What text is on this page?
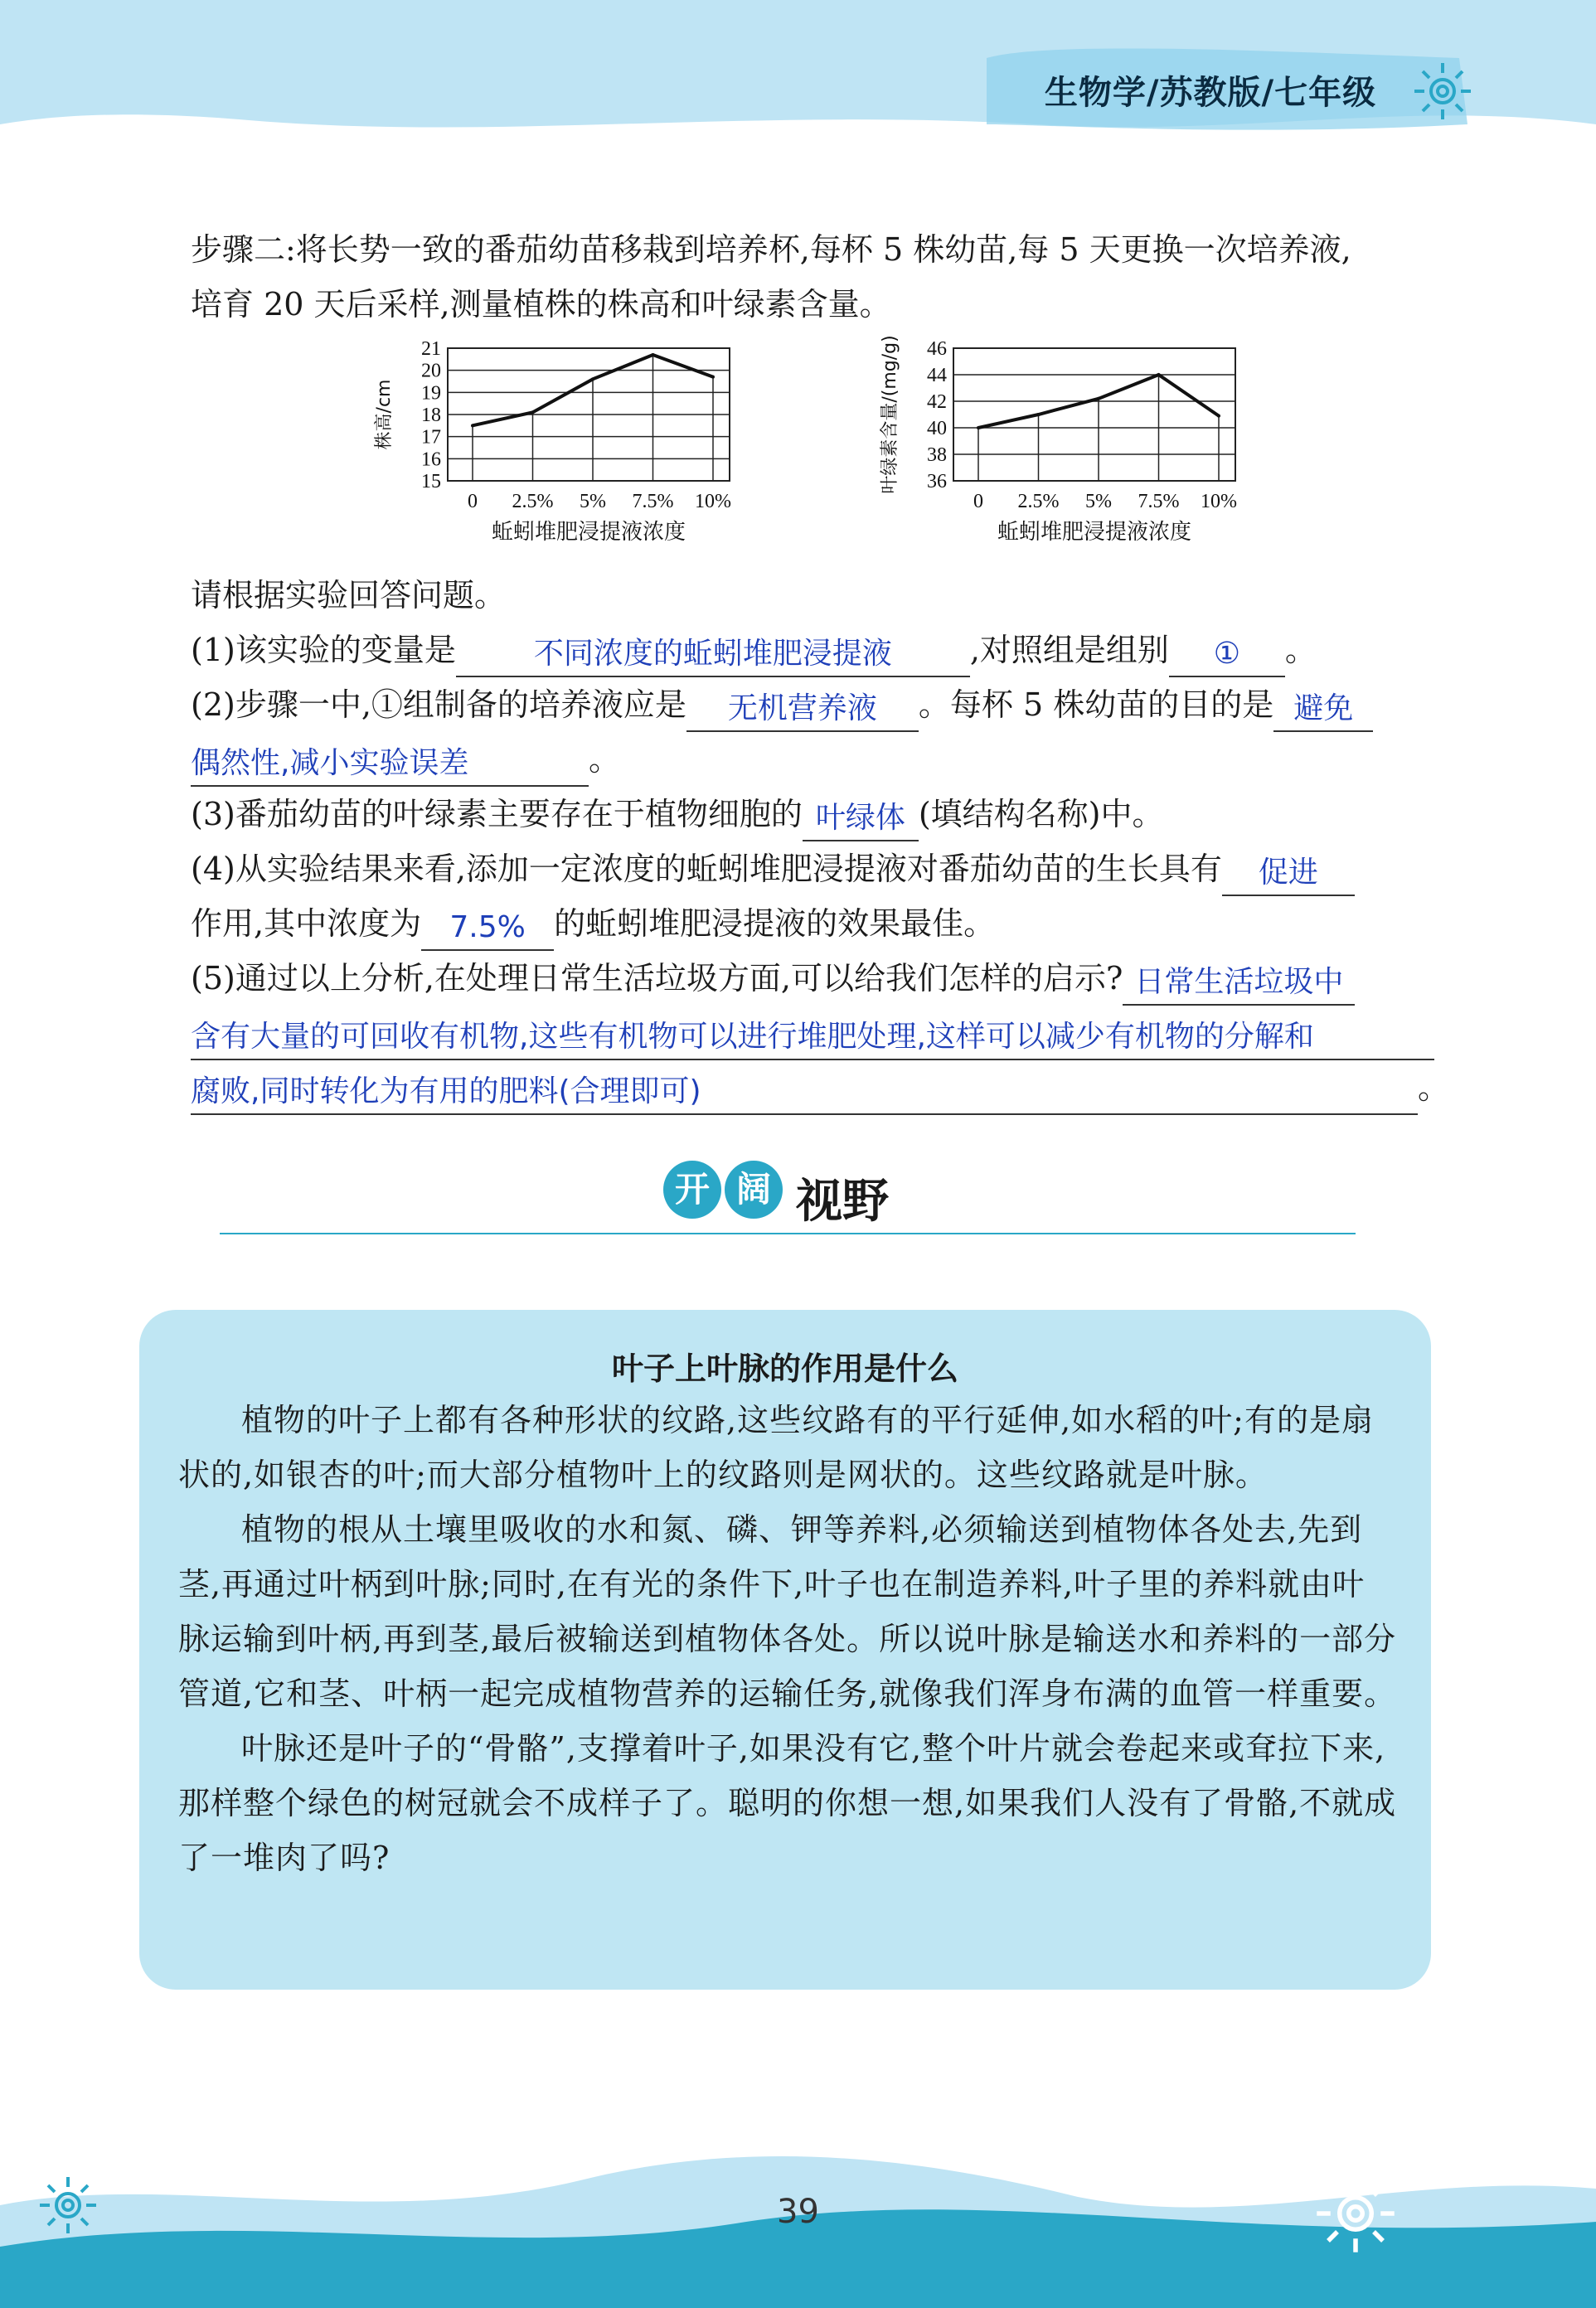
生物学/苏教版/七年级
步骤二:将长势一致的番茄幼苗移栽到培养杯,每杯 5 株幼苗,每 5 天更换一次培养液,
培育 20 天后采样,测量植株的株高和叶绿素含量。
15
16
17
18
19
20
21
0 2.5% 5% 7.5% 10%
蚯蚓堆肥浸提液浓度
株高/cm
36
38
40
42
44
46
0 2.5% 5% 7.5% 10%
蚯蚓堆肥浸提液浓度
叶绿素含量/(mg/g)
请根据实验回答问题。
(1)该实验的变量是	不同浓度的蚯蚓堆肥浸提液 ,对照组是组别 ① 。
(2)步骤一中,①组制备的培养液应是 无机营养液 。每杯 5 株幼苗的目的是 避免
偶然性,减小实验误差	。
(3)番茄幼苗的叶绿素主要存在于植物细胞的 叶绿体 (填结构名称)中。
(4)从实验结果来看,添加一定浓度的蚯蚓堆肥浸提液对番茄幼苗的生长具有 促进
作用,其中浓度为 7.5% 的蚯蚓堆肥浸提液的效果最佳。
(5)通过以上分析,在处理日常生活垃圾方面,可以给我们怎样的启示? 日常生活垃圾中
含有大量的可回收有机物,这些有机物可以进行堆肥处理,这样可以减少有机物的分解和
腐败,同时转化为有用的肥料(合理即可)	。
开 阔 视野
叶子上叶脉的作用是什么
植物的叶子上都有各种形状的纹路,这些纹路有的平行延伸,如水稻的叶;有的是扇状的,如银杏的叶;而大部分植物叶上的纹路则是网状的。这些纹路就是叶脉。
植物的根从土壤里吸收的水和氮、磷、钾等养料,必须输送到植物体各处去,先到茎,再通过叶柄到叶脉;同时,在有光的条件下,叶子也在制造养料,叶子里的养料就由叶脉运输到叶柄,再到茎,最后被输送到植物体各处。所以说叶脉是输送水和养料的一部分管道,它和茎、叶柄一起完成植物营养的运输任务,就像我们浑身布满的血管一样重要。
叶脉还是叶子的“骨骼”,支撑着叶子,如果没有它,整个叶片就会卷起来或耷拉下来,那样整个绿色的树冠就会不成样子了。聪明的你想一想,如果我们人没有了骨骼,不就成了一堆肉了吗?
39
